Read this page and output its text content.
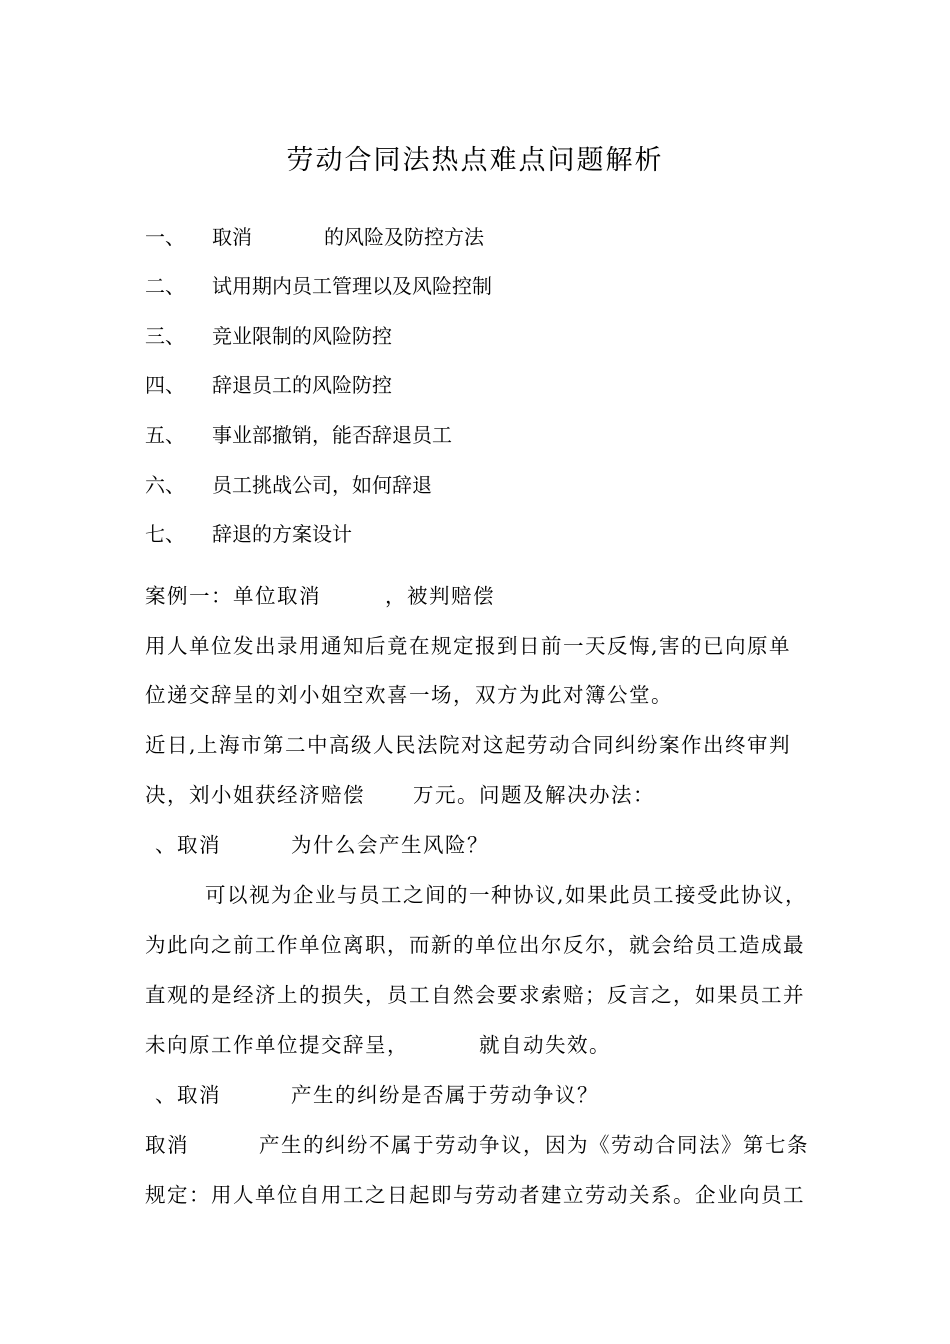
劳动合同法热点难点问题解析
一、 取消	的风险及防控方法
二、 试用期内员工管理以及风险控制
三、 竞业限制的风险防控
四、 辞退员工的风险防控
五、 事业部撤销，能否辞退员工
六、 员工挑战公司，如何辞退
七、 辞退的方案设计
案例一：单位取消	，被判赔偿
用人单位发出录用通知后竟在规定报到日前一天反悔,害的已向原单
位递交辞呈的刘小姐空欢喜一场，双方为此对簿公堂。
近日,上海市第二中高级人民法院对这起劳动合同纠纷案作出终审判
决，刘小姐获经济赔偿 万元。问题及解决办法：
、取消	为什么会产生风险？
可以视为企业与员工之间的一种协议,如果此员工接受此协议，
为此向之前工作单位离职，而新的单位出尔反尔，就会给员工造成最
直观的是经济上的损失，员工自然会要求索赔；反言之，如果员工并
未向原工作单位提交辞呈，	就自动失效。
、取消	产生的纠纷是否属于劳动争议？
取消	产生的纠纷不属于劳动争议，因为《劳动合同法》第七条
规定：用人单位自用工之日起即与劳动者建立劳动关系。企业向员工
